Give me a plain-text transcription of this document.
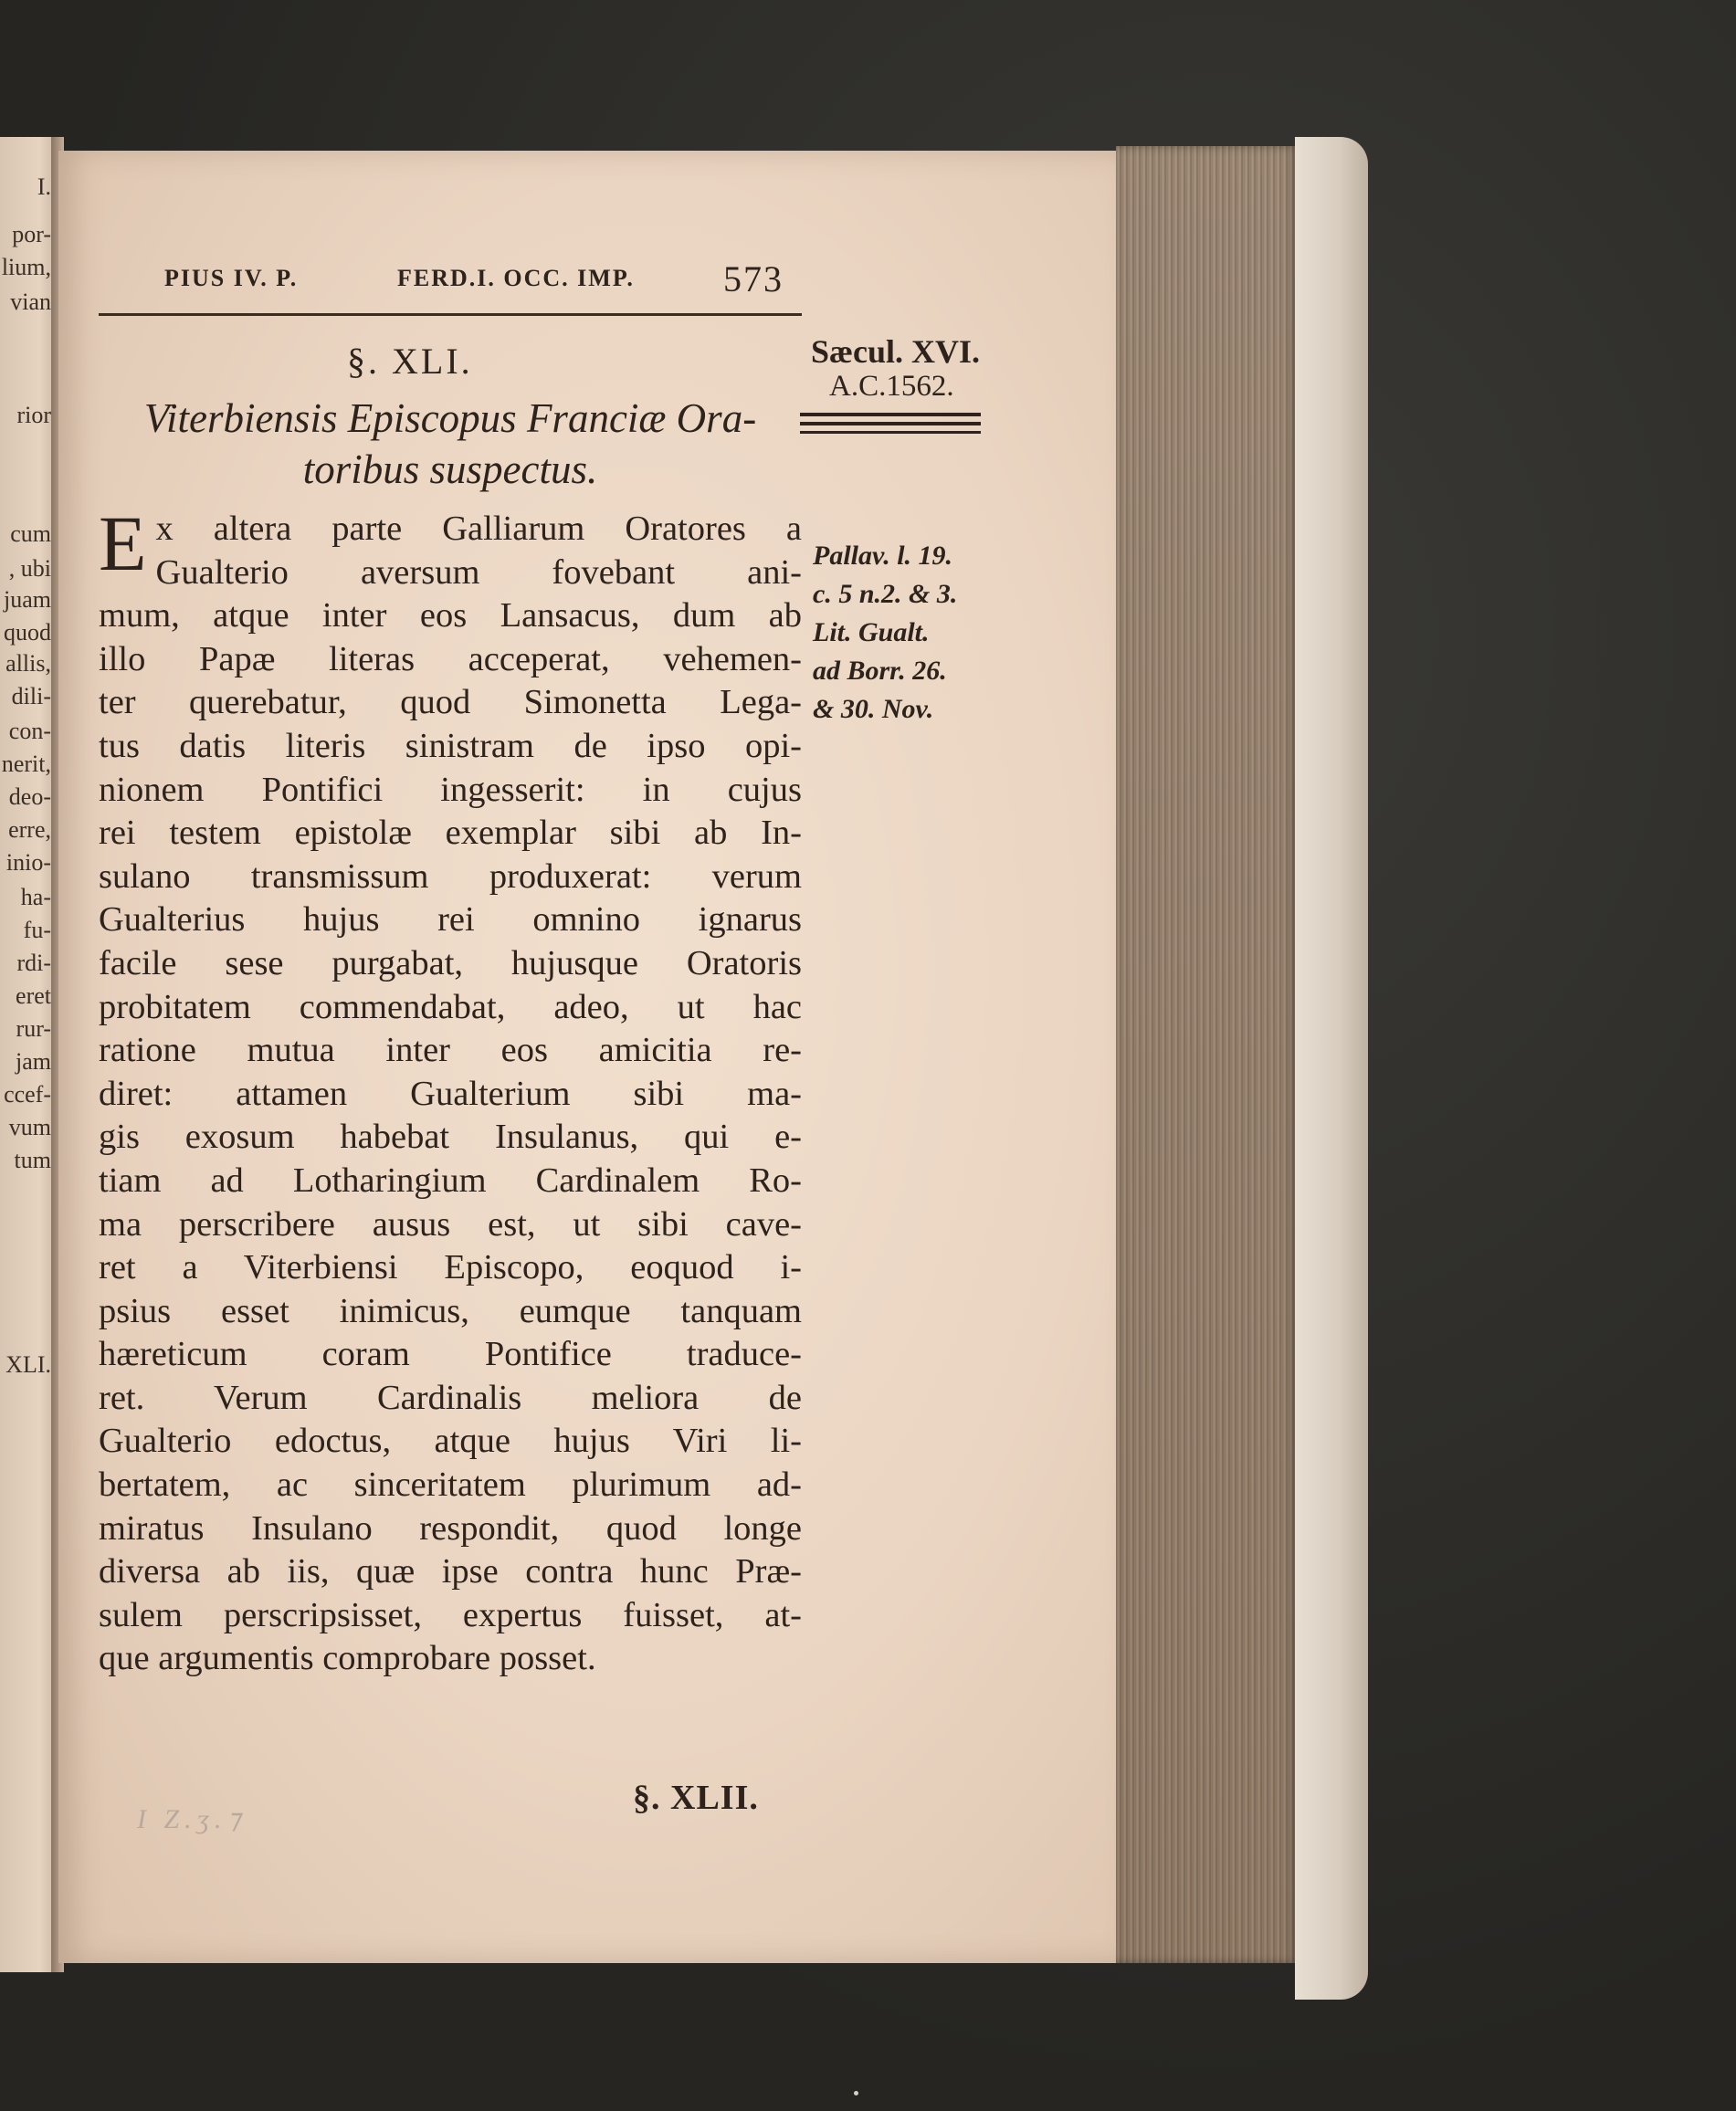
I.
por-
lium,
vian
rior
cum
, ubi
juam
quod
allis,
dili-
con-
nerit,
deo-
erre,
inio-
ha-
fu-
rdi-
eret
rur-
jam
ccef-
vum
tum
XLI.
PIUS IV. P.	FERD.I. OCC. IMP. 573
§. XLI.
Viterbiensis Episcopus Franciæ Ora-
toribus suspectus.
Sæcul. XVI.
A.C.1562.
Pallav. l. 19.
c. 5 n.2. & 3.
Lit. Gualt.
ad Borr. 26.
& 30. Nov.
E x altera parte Galliarum Oratores a
Gualterio aversum fovebant ani-
mum, atque inter eos Lansacus, dum ab
illo Papæ literas acceperat, vehemen-
ter querebatur, quod Simonetta Lega-
tus datis literis sinistram de ipso opi-
nionem Pontifici ingesserit: in cujus
rei testem epistolæ exemplar sibi ab In-
sulano transmissum produxerat: verum
Gualterius hujus rei omnino ignarus
facile sese purgabat, hujusque Oratoris
probitatem commendabat, adeo, ut hac
ratione mutua inter eos amicitia re-
diret: attamen Gualterium sibi ma-
gis exosum habebat Insulanus, qui e-
tiam ad Lotharingium Cardinalem Ro-
ma perscribere ausus est, ut sibi cave-
ret a Viterbiensi Episcopo, eoquod i-
psius esset inimicus, eumque tanquam
hæreticum coram Pontifice traduce-
ret. Verum Cardinalis meliora de
Gualterio edoctus, atque hujus Viri li-
bertatem, ac sinceritatem plurimum ad-
miratus Insulano respondit, quod longe
diversa ab iis, quæ ipse contra hunc Præ-
sulem perscripsisset, expertus fuisset, at-
que argumentis comprobare posset.
§. XLII.
I Z.ʒ.⁊
